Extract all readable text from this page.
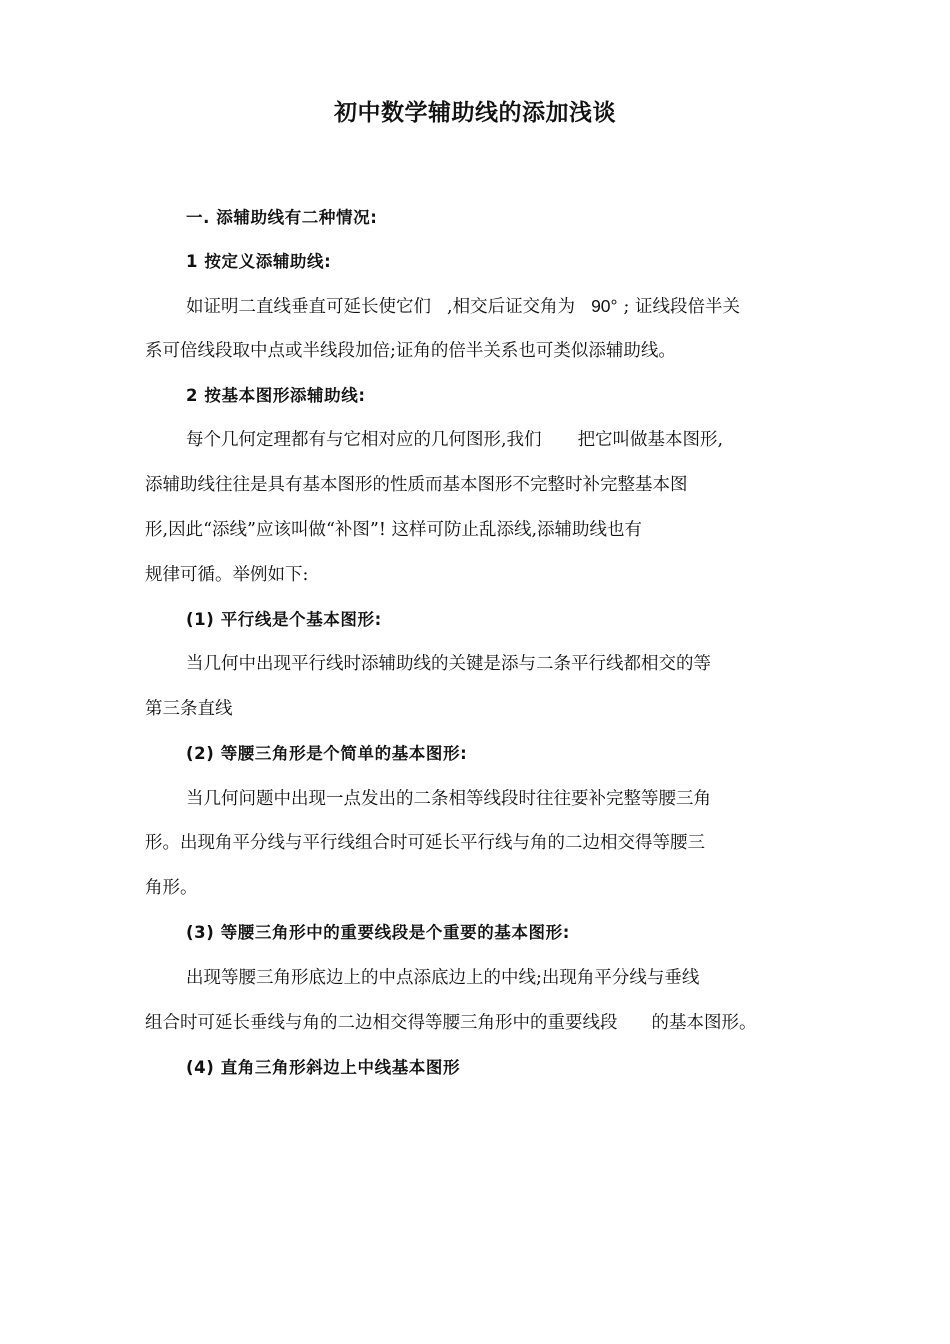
初中数学辅助线的添加浅谈

一. 添辅助线有二种情况:

1 按定义添辅助线:

如证明二直线垂直可延长使它们 ,相交后证交角为 90° ; 证线段倍半关

系可倍线段取中点或半线段加倍;证角的倍半关系也可类似添辅助线。

2 按基本图形添辅助线:

每个几何定理都有与它相对应的几何图形,我们 把它叫做基本图形,

添辅助线往往是具有基本图形的性质而基本图形不完整时补完整基本图

形,因此“添线”应该叫做“补图”! 这样可防止乱添线,添辅助线也有

规律可循。举例如下:

(1) 平行线是个基本图形:

当几何中出现平行线时添辅助线的关键是添与二条平行线都相交的等

第三条直线

(2) 等腰三角形是个简单的基本图形:

当几何问题中出现一点发出的二条相等线段时往往要补完整等腰三角

形。出现角平分线与平行线组合时可延长平行线与角的二边相交得等腰三

角形。

(3) 等腰三角形中的重要线段是个重要的基本图形:

出现等腰三角形底边上的中点添底边上的中线;出现角平分线与垂线

组合时可延长垂线与角的二边相交得等腰三角形中的重要线段 的基本图形。

(4) 直角三角形斜边上中线基本图形
